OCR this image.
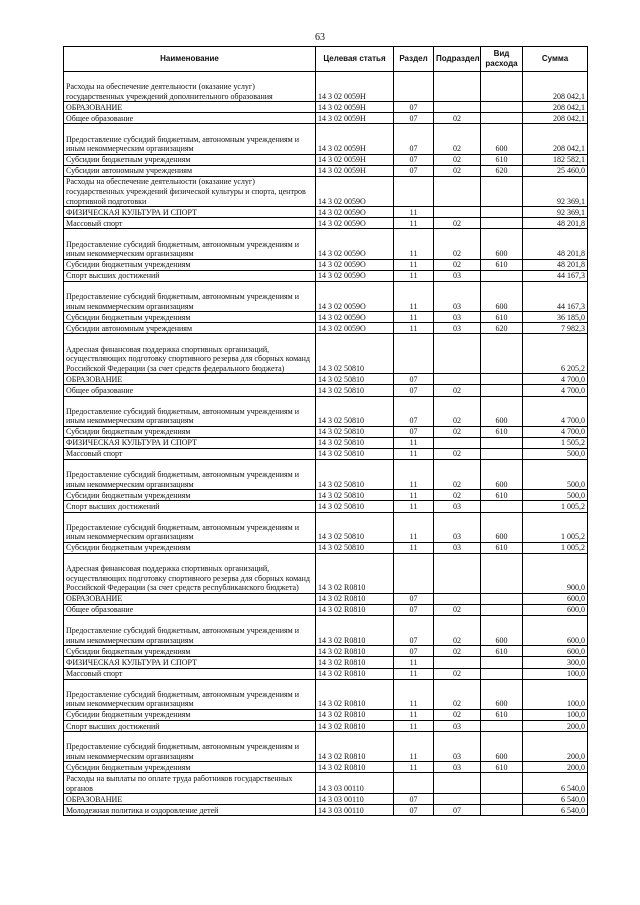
63
Наименование	Целевая статья	Раздел	Подраздел	Вид расхода	Сумма
Расходы на обеспечение деятельности (оказание услуг) государственных учреждений дополнительного образования	14 3 02 0059Н				208 042,1
ОБРАЗОВАНИЕ	14 3 02 0059Н	07			208 042,1
Общее образование	14 3 02 0059Н	07	02		208 042,1
Предоставление субсидий бюджетным, автономным учреждениям и иным некоммерческим организациям	14 3 02 0059Н	07	02	600	208 042,1
Субсидии бюджетным учреждениям	14 3 02 0059Н	07	02	610	182 582,1
Субсидии автономным учреждениям	14 3 02 0059Н	07	02	620	25 460,0
Расходы на обеспечение деятельности (оказание услуг) государственных учреждений физической культуры и спорта, центров спортивной подготовки	14 3 02 0059О				92 369,1
ФИЗИЧЕСКАЯ КУЛЬТУРА И СПОРТ	14 3 02 0059О	11			92 369,1
Массовый спорт	14 3 02 0059О	11	02		48 201,8
Предоставление субсидий бюджетным, автономным учреждениям и иным некоммерческим организациям	14 3 02 0059О	11	02	600	48 201,8
Субсидии бюджетным учреждениям	14 3 02 0059О	11	02	610	48 201,8
Спорт высших достижений	14 3 02 0059О	11	03		44 167,3
Предоставление субсидий бюджетным, автономным учреждениям и иным некоммерческим организациям	14 3 02 0059О	11	03	600	44 167,3
Субсидии бюджетным учреждениям	14 3 02 0059О	11	03	610	36 185,0
Субсидии автономным учреждениям	14 3 02 0059О	11	03	620	7 982,3
Адресная финансовая поддержка спортивных организаций, осуществляющих подготовку спортивного резерва для сборных команд Российской Федерации (за счет средств федерального бюджета)	14 3 02 50810				6 205,2
ОБРАЗОВАНИЕ	14 3 02 50810	07			4 700,0
Общее образование	14 3 02 50810	07	02		4 700,0
Предоставление субсидий бюджетным, автономным учреждениям и иным некоммерческим организациям	14 3 02 50810	07	02	600	4 700,0
Субсидии бюджетным учреждениям	14 3 02 50810	07	02	610	4 700,0
ФИЗИЧЕСКАЯ КУЛЬТУРА И СПОРТ	14 3 02 50810	11			1 505,2
Массовый спорт	14 3 02 50810	11	02		500,0
Предоставление субсидий бюджетным, автономным учреждениям и иным некоммерческим организациям	14 3 02 50810	11	02	600	500,0
Субсидии бюджетным учреждениям	14 3 02 50810	11	02	610	500,0
Спорт высших достижений	14 3 02 50810	11	03		1 005,2
Предоставление субсидий бюджетным, автономным учреждениям и иным некоммерческим организациям	14 3 02 50810	11	03	600	1 005,2
Субсидии бюджетным учреждениям	14 3 02 50810	11	03	610	1 005,2
Адресная финансовая поддержка спортивных организаций, осуществляющих подготовку спортивного резерва для сборных команд Российской Федерации (за счет средств республиканского бюджета)	14 3 02 R0810				900,0
ОБРАЗОВАНИЕ	14 3 02 R0810	07			600,0
Общее образование	14 3 02 R0810	07	02		600,0
Предоставление субсидий бюджетным, автономным учреждениям и иным некоммерческим организациям	14 3 02 R0810	07	02	600	600,0
Субсидии бюджетным учреждениям	14 3 02 R0810	07	02	610	600,0
ФИЗИЧЕСКАЯ КУЛЬТУРА И СПОРТ	14 3 02 R0810	11			300,0
Массовый спорт	14 3 02 R0810	11	02		100,0
Предоставление субсидий бюджетным, автономным учреждениям и иным некоммерческим организациям	14 3 02 R0810	11	02	600	100,0
Субсидии бюджетным учреждениям	14 3 02 R0810	11	02	610	100,0
Спорт высших достижений	14 3 02 R0810	11	03		200,0
Предоставление субсидий бюджетным, автономным учреждениям и иным некоммерческим организациям	14 3 02 R0810	11	03	600	200,0
Субсидии бюджетным учреждениям	14 3 02 R0810	11	03	610	200,0
Расходы на выплаты по оплате труда работников государственных органов	14 3 03 00110				6 540,0
ОБРАЗОВАНИЕ	14 3 03 00110	07			6 540,0
Молодежная политика и оздоровление детей	14 3 03 00110	07	07		6 540,0
